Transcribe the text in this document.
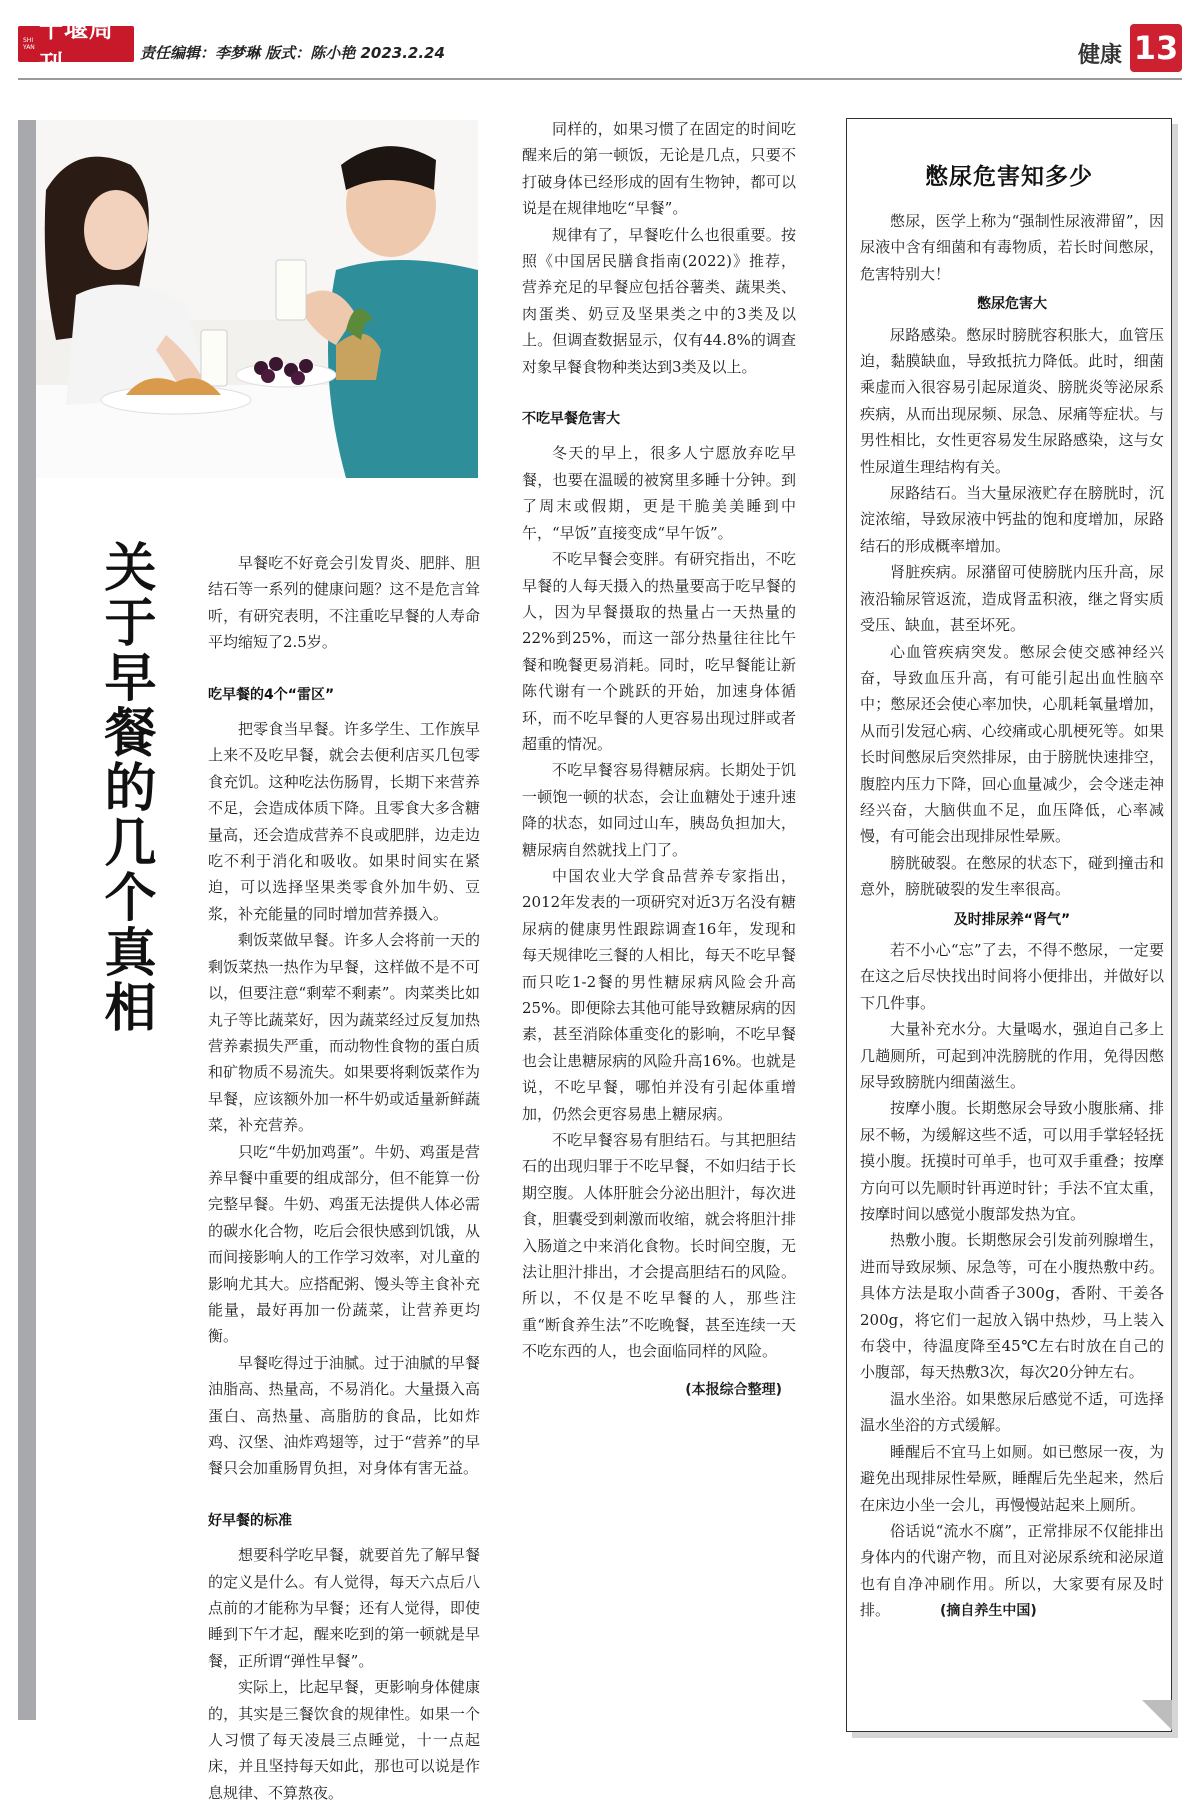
SHI YAN
十堰周刊	责任编辑：李梦琳 版式：陈小艳 2023.2.24	健康 13
关于早餐的几个真相	早餐吃不好竟会引发胃炎、肥胖、胆结石等一系列的健康问题？这不是危言耸听，有研究表明，不注重吃早餐的人寿命平均缩短了2.5岁。

吃早餐的4个“雷区”

把零食当早餐。许多学生、工作族早上来不及吃早餐，就会去便利店买几包零食充饥。这种吃法伤肠胃，长期下来营养不足，会造成体质下降。且零食大多含糖量高，还会造成营养不良或肥胖，边走边吃不利于消化和吸收。如果时间实在紧迫，可以选择坚果类零食外加牛奶、豆浆，补充能量的同时增加营养摄入。

剩饭菜做早餐。许多人会将前一天的剩饭菜热一热作为早餐，这样做不是不可以，但要注意“剩荤不剩素”。肉菜类比如丸子等比蔬菜好，因为蔬菜经过反复加热营养素损失严重，而动物性食物的蛋白质和矿物质不易流失。如果要将剩饭菜作为早餐，应该额外加一杯牛奶或适量新鲜蔬菜，补充营养。

只吃“牛奶加鸡蛋”。牛奶、鸡蛋是营养早餐中重要的组成部分，但不能算一份完整早餐。牛奶、鸡蛋无法提供人体必需的碳水化合物，吃后会很快感到饥饿，从而间接影响人的工作学习效率，对儿童的影响尤其大。应搭配粥、馒头等主食补充能量，最好再加一份蔬菜，让营养更均衡。

早餐吃得过于油腻。过于油腻的早餐油脂高、热量高，不易消化。大量摄入高蛋白、高热量、高脂肪的食品，比如炸鸡、汉堡、油炸鸡翅等，过于“营养”的早餐只会加重肠胃负担，对身体有害无益。

好早餐的标准

想要科学吃早餐，就要首先了解早餐的定义是什么。有人觉得，每天六点后八点前的才能称为早餐；还有人觉得，即使睡到下午才起，醒来吃到的第一顿就是早餐，正所谓“弹性早餐”。

实际上，比起早餐，更影响身体健康的，其实是三餐饮食的规律性。如果一个人习惯了每天凌晨三点睡觉，十一点起床，并且坚持每天如此，那也可以说是作息规律、不算熬夜。

同样的，如果习惯了在固定的时间吃醒来后的第一顿饭，无论是几点，只要不打破身体已经形成的固有生物钟，都可以说是在规律地吃“早餐”。

规律有了，早餐吃什么也很重要。按照《中国居民膳食指南(2022)》推荐，营养充足的早餐应包括谷薯类、蔬果类、肉蛋类、奶豆及坚果类之中的3类及以上。但调查数据显示，仅有44.8%的调查对象早餐食物种类达到3类及以上。

不吃早餐危害大

冬天的早上，很多人宁愿放弃吃早餐，也要在温暖的被窝里多睡十分钟。到了周末或假期，更是干脆美美睡到中午，“早饭”直接变成“早午饭”。

不吃早餐会变胖。有研究指出，不吃早餐的人每天摄入的热量要高于吃早餐的人，因为早餐摄取的热量占一天热量的22%到25%，而这一部分热量往往比午餐和晚餐更易消耗。同时，吃早餐能让新陈代谢有一个跳跃的开始，加速身体循环，而不吃早餐的人更容易出现过胖或者超重的情况。

不吃早餐容易得糖尿病。长期处于饥一顿饱一顿的状态，会让血糖处于速升速降的状态，如同过山车，胰岛负担加大，糖尿病自然就找上门了。

中国农业大学食品营养专家指出，2012年发表的一项研究对近3万名没有糖尿病的健康男性跟踪调查16年，发现和每天规律吃三餐的人相比，每天不吃早餐而只吃1-2餐的男性糖尿病风险会升高25%。即便除去其他可能导致糖尿病的因素，甚至消除体重变化的影响，不吃早餐也会让患糖尿病的风险升高16%。也就是说，不吃早餐，哪怕并没有引起体重增加，仍然会更容易患上糖尿病。

不吃早餐容易有胆结石。与其把胆结石的出现归罪于不吃早餐，不如归结于长期空腹。人体肝脏会分泌出胆汁，每次进食，胆囊受到刺激而收缩，就会将胆汁排入肠道之中来消化食物。长时间空腹，无法让胆汁排出，才会提高胆结石的风险。所以，不仅是不吃早餐的人，那些注重“断食养生法”不吃晚餐，甚至连续一天不吃东西的人，也会面临同样的风险。

(本报综合整理)
憋尿危害知多少

憋尿，医学上称为“强制性尿液滞留”，因尿液中含有细菌和有毒物质，若长时间憋尿，危害特别大！

憋尿危害大

尿路感染。憋尿时膀胱容积胀大，血管压迫，黏膜缺血，导致抵抗力降低。此时，细菌乘虚而入很容易引起尿道炎、膀胱炎等泌尿系疾病，从而出现尿频、尿急、尿痛等症状。与男性相比，女性更容易发生尿路感染，这与女性尿道生理结构有关。

尿路结石。当大量尿液贮存在膀胱时，沉淀浓缩，导致尿液中钙盐的饱和度增加，尿路结石的形成概率增加。

肾脏疾病。尿潴留可使膀胱内压升高，尿液沿输尿管返流，造成肾盂积液，继之肾实质受压、缺血，甚至坏死。

心血管疾病突发。憋尿会使交感神经兴奋，导致血压升高，有可能引起出血性脑卒中；憋尿还会使心率加快，心肌耗氧量增加，从而引发冠心病、心绞痛或心肌梗死等。如果长时间憋尿后突然排尿，由于膀胱快速排空，腹腔内压力下降，回心血量减少，会令迷走神经兴奋，大脑供血不足，血压降低，心率减慢，有可能会出现排尿性晕厥。

膀胱破裂。在憋尿的状态下，碰到撞击和意外，膀胱破裂的发生率很高。

及时排尿养“肾气”

若不小心“忘”了去，不得不憋尿，一定要在这之后尽快找出时间将小便排出，并做好以下几件事。

大量补充水分。大量喝水，强迫自己多上几趟厕所，可起到冲洗膀胱的作用，免得因憋尿导致膀胱内细菌滋生。

按摩小腹。长期憋尿会导致小腹胀痛、排尿不畅，为缓解这些不适，可以用手掌轻轻抚摸小腹。抚摸时可单手，也可双手重叠；按摩方向可以先顺时针再逆时针；手法不宜太重，按摩时间以感觉小腹部发热为宜。

热敷小腹。长期憋尿会引发前列腺增生，进而导致尿频、尿急等，可在小腹热敷中药。具体方法是取小茴香子300g，香附、干姜各200g，将它们一起放入锅中热炒，马上装入布袋中，待温度降至45℃左右时放在自己的小腹部，每天热敷3次，每次20分钟左右。

温水坐浴。如果憋尿后感觉不适，可选择温水坐浴的方式缓解。

睡醒后不宜马上如厕。如已憋尿一夜，为避免出现排尿性晕厥，睡醒后先坐起来，然后在床边小坐一会儿，再慢慢站起来上厕所。

俗话说“流水不腐”，正常排尿不仅能排出身体内的代谢产物，而且对泌尿系统和泌尿道也有自净冲刷作用。所以，大家要有尿及时排。	(摘自养生中国)
